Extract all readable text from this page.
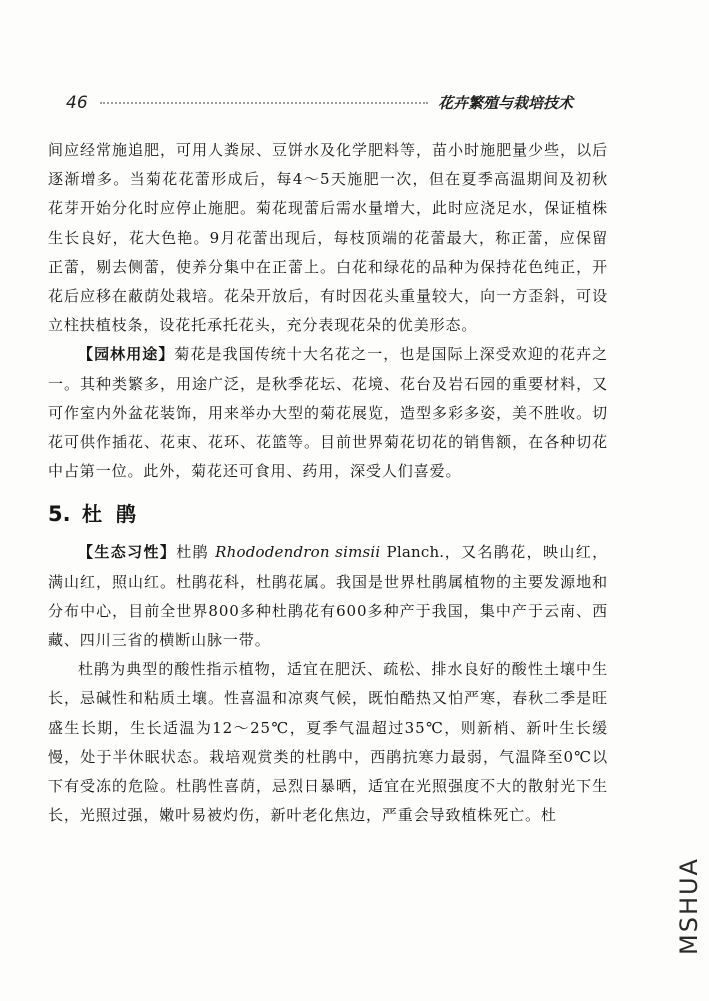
46	花卉繁殖与栽培技术

间应经常施追肥，可用人粪尿、豆饼水及化学肥料等，苗小时施肥量少些，以后逐渐增多。当菊花花蕾形成后，每4～5天施肥一次，但在夏季高温期间及初秋花芽开始分化时应停止施肥。菊花现蕾后需水量增大，此时应浇足水，保证植株生长良好，花大色艳。9月花蕾出现后，每枝顶端的花蕾最大，称正蕾，应保留正蕾，剔去侧蕾，使养分集中在正蕾上。白花和绿花的品种为保持花色纯正，开花后应移在蔽荫处栽培。花朵开放后，有时因花头重量较大，向一方歪斜，可设立柱扶植枝条，设花托承托花头，充分表现花朵的优美形态。

【园林用途】菊花是我国传统十大名花之一，也是国际上深受欢迎的花卉之一。其种类繁多，用途广泛，是秋季花坛、花境、花台及岩石园的重要材料，又可作室内外盆花装饰，用来举办大型的菊花展览，造型多彩多姿，美不胜收。切花可供作插花、花束、花环、花篮等。目前世界菊花切花的销售额，在各种切花中占第一位。此外，菊花还可食用、药用，深受人们喜爱。

5. 杜鹃

【生态习性】杜鹃 Rhododendron simsii Planch.，又名鹃花，映山红，满山红，照山红。杜鹃花科，杜鹃花属。我国是世界杜鹃属植物的主要发源地和分布中心，目前全世界800多种杜鹃花有600多种产于我国，集中产于云南、西藏、四川三省的横断山脉一带。

杜鹃为典型的酸性指示植物，适宜在肥沃、疏松、排水良好的酸性土壤中生长，忌碱性和粘质土壤。性喜温和凉爽气候，既怕酷热又怕严寒，春秋二季是旺盛生长期，生长适温为12～25℃，夏季气温超过35℃，则新梢、新叶生长缓慢，处于半休眠状态。栽培观赏类的杜鹃中，西鹃抗寒力最弱，气温降至0℃以下有受冻的危险。杜鹃性喜荫，忌烈日暴晒，适宜在光照强度不大的散射光下生长，光照过强，嫩叶易被灼伤，新叶老化焦边，严重会导致植株死亡。杜

MSHUA
